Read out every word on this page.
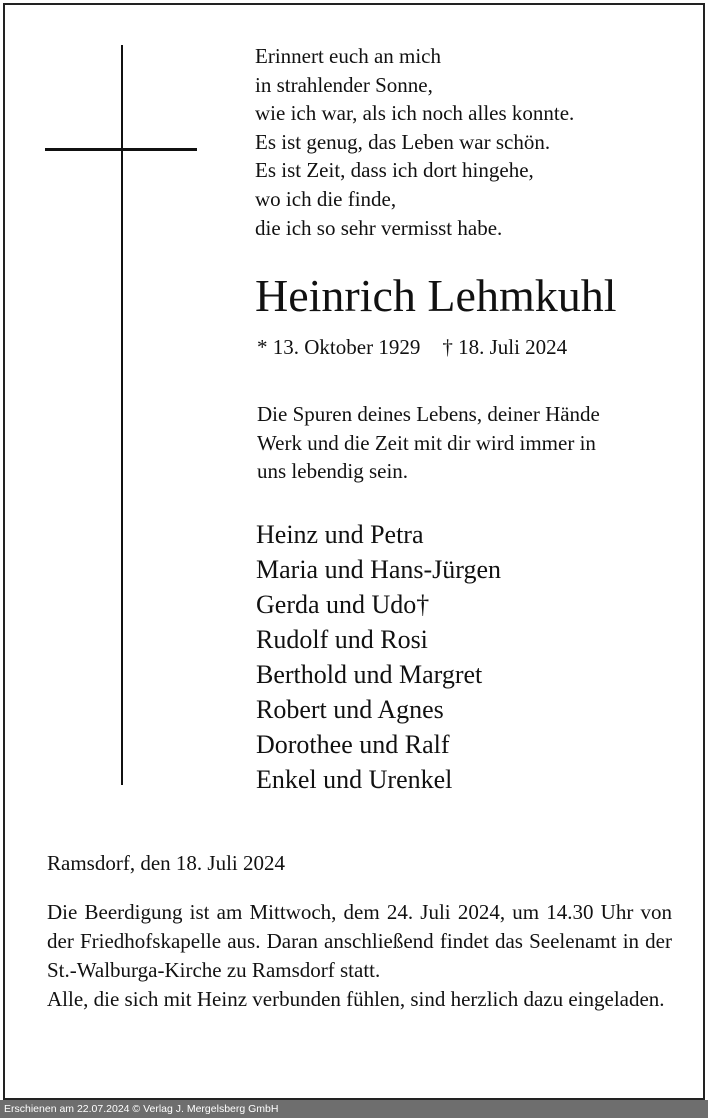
Erinnert euch an mich
in strahlender Sonne,
wie ich war, als ich noch alles konnte.
Es ist genug, das Leben war schön.
Es ist Zeit, dass ich dort hingehe,
wo ich die finde,
die ich so sehr vermisst habe.
Heinrich Lehmkuhl
* 13. Oktober 1929 † 18. Juli 2024
Die Spuren deines Lebens, deiner Hände
Werk und die Zeit mit dir wird immer in
uns lebendig sein.
Heinz und Petra
Maria und Hans-Jürgen
Gerda und Udo†
Rudolf und Rosi
Berthold und Margret
Robert und Agnes
Dorothee und Ralf
Enkel und Urenkel
Ramsdorf, den 18. Juli 2024

Die Beerdigung ist am Mittwoch, dem 24. Juli 2024, um 14.30 Uhr von der Friedhofskapelle aus. Daran anschließend findet das Seelenamt in der St.-Walburga-Kirche zu Ramsdorf statt.

Alle, die sich mit Heinz verbunden fühlen, sind herzlich dazu eingeladen.

Erschienen am 22.07.2024 © Verlag J. Mergelsberg GmbH
